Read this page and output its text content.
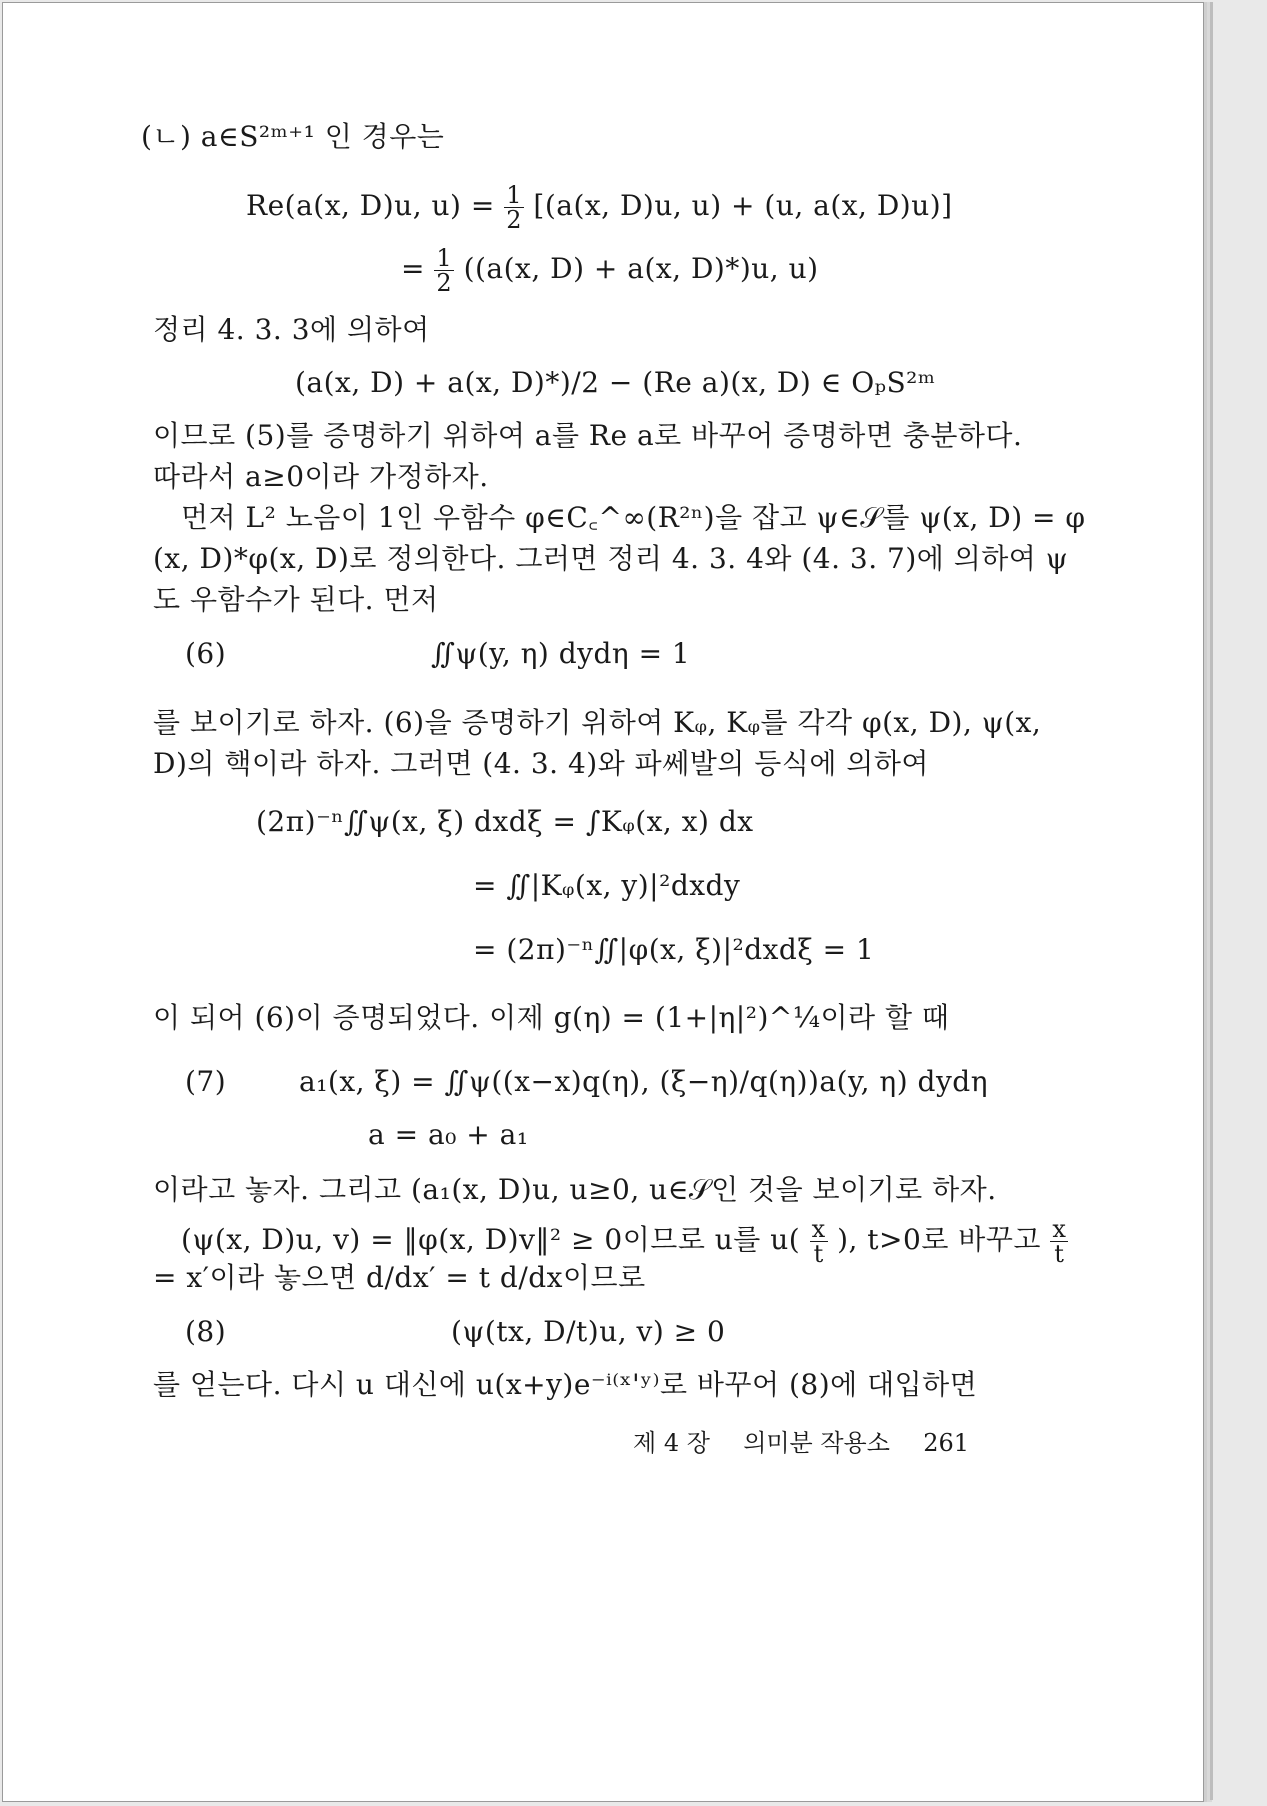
(ㄴ) a∈S²ᵐ⁺¹ 인 경우는
Re(a(x, D)u, $u) = \frac{1}{2} [(a(x$, D)u, u) + (u, a(x, D)u)]
= $\frac{1}{2} ((a(x$, D) + a(x, D)*)u, u)
정리 4. 3. 3에 의하여
(a(x, D) + a(x, D)*)/2 − (Re a)(x, D) ∈ OₚS²ᵐ
이므로 (5)를 증명하기 위하여 a를 Re a로 바꾸어 증명하면 충분하다.
따라서 a≥0이라 가정하자.
먼저 L² 노음이 1인 우함수 φ∈C꜀^∞(R²ⁿ)을 잡고 ψ∈𝒮를 ψ(x, D) = φ
(x, D)*φ(x, D)로 정의한다. 그러면 정리 4. 3. 4와 (4. 3. 7)에 의하여 ψ
도 우함수가 된다. 먼저
(6)	∬ψ(y, η) dydη = 1
를 보이기로 하자. (6)을 증명하기 위하여 Kᵩ, Kᵩ를 각각 φ(x, D), ψ(x,
D)의 핵이라 하자. 그러면 (4. 3. 4)와 파쎄발의 등식에 의하여
(2π)⁻ⁿ∬ψ(x, ξ) dxdξ = ∫Kᵩ(x, x) dx
= ∬|Kᵩ(x, y)|²dxdy
= (2π)⁻ⁿ∬|φ(x, ξ)|²dxdξ = 1
이 되어 (6)이 증명되었다. 이제 g(η) = (1+|η|²)^¼이라 할 때
(7)	a₁(x, ξ) = ∬ψ((x−x)q(η), (ξ−η)/q(η))a(y, η) dydη
a = a₀ + a₁
이라고 놓자. 그리고 (a₁(x, D)u, u≥0, u∈𝒮인 것을 보이기로 하자.
(ψ(x, D)u, v) = ‖φ(x, D)v‖² ≥ 0이므로 u를 $u( \frac{x}{t}$ ), t>0로 바꾸고 $\frac{x}{t}$
= x′이라 놓으면 d/dx′ = t d/dx이므로
(8)	(ψ(tx, D/t)u, v) ≥ 0
를 얻는다. 다시 u 대신에 u(x+y)e⁻ⁱ⁽ˣ'ʸ⁾로 바꾸어 (8)에 대입하면
제 4 장 의미분 작용소 261
